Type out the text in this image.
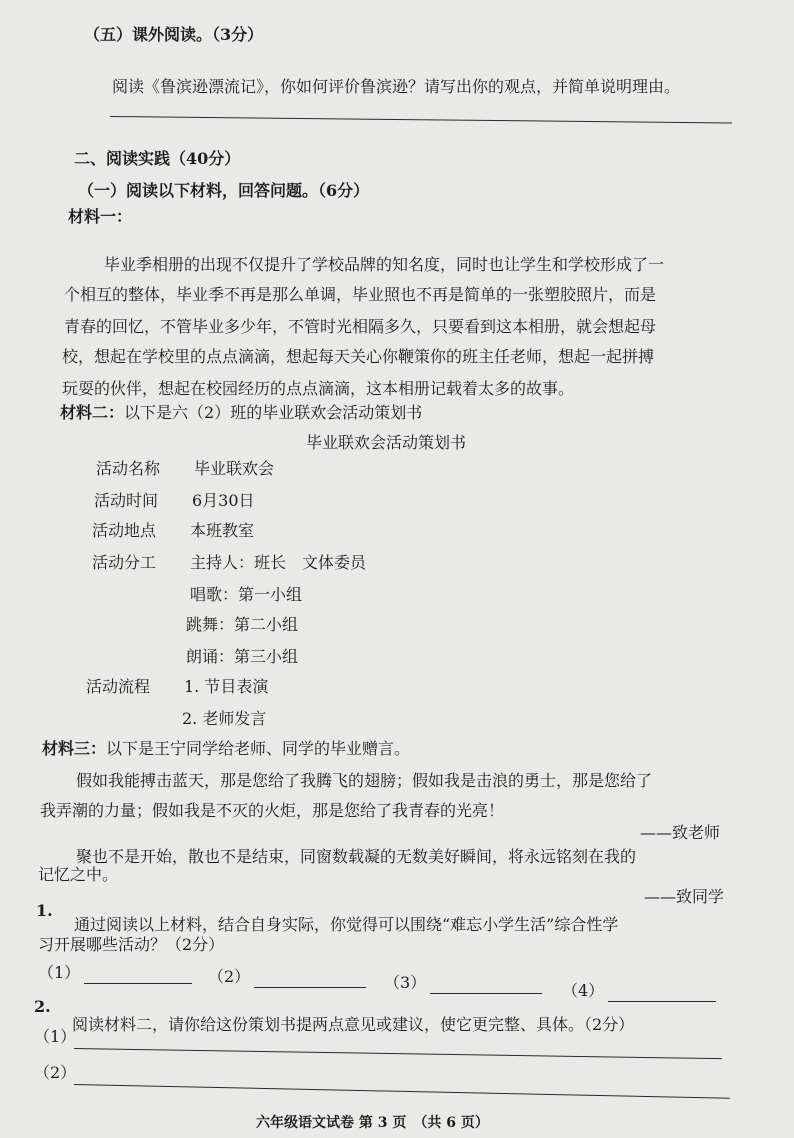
（五）课外阅读。（3分）
阅读《鲁滨逊漂流记》，你如何评价鲁滨逊？请写出你的观点，并简单说明理由。
二、阅读实践（40分）
（一）阅读以下材料，回答问题。（6分）
材料一：
毕业季相册的出现不仅提升了学校品牌的知名度，同时也让学生和学校形成了一
个相互的整体，毕业季不再是那么单调，毕业照也不再是简单的一张塑胶照片，而是
青春的回忆，不管毕业多少年，不管时光相隔多久，只要看到这本相册，就会想起母
校，想起在学校里的点点滴滴，想起每天关心你鞭策你的班主任老师，想起一起拼搏
玩耍的伙伴，想起在校园经历的点点滴滴，这本相册记载着太多的故事。
材料二：以下是六（2）班的毕业联欢会活动策划书
毕业联欢会活动策划书
活动名称 毕业联欢会
活动时间 6月30日
活动地点 本班教室
活动分工 主持人：班长　文体委员
唱歌：第一小组
跳舞：第二小组
朗诵：第三小组
活动流程 1. 节目表演
2. 老师发言
材料三：以下是王宁同学给老师、同学的毕业赠言。
假如我能搏击蓝天，那是您给了我腾飞的翅膀；假如我是击浪的勇士，那是您给了
我弄潮的力量；假如我是不灭的火炬，那是您给了我青春的光亮！
——致老师
聚也不是开始，散也不是结束，同窗数载凝的无数美好瞬间，将永远铭刻在我的
记忆之中。
——致同学
1.
通过阅读以上材料，结合自身实际，你觉得可以围绕“难忘小学生活”综合性学
习开展哪些活动？（2分）
（1）	（2）	（3）	（4）
2.
阅读材料二，请你给这份策划书提两点意见或建议，使它更完整、具体。（2分）
（1）
（2）
六年级语文试卷 第 3 页　（共 6 页）
